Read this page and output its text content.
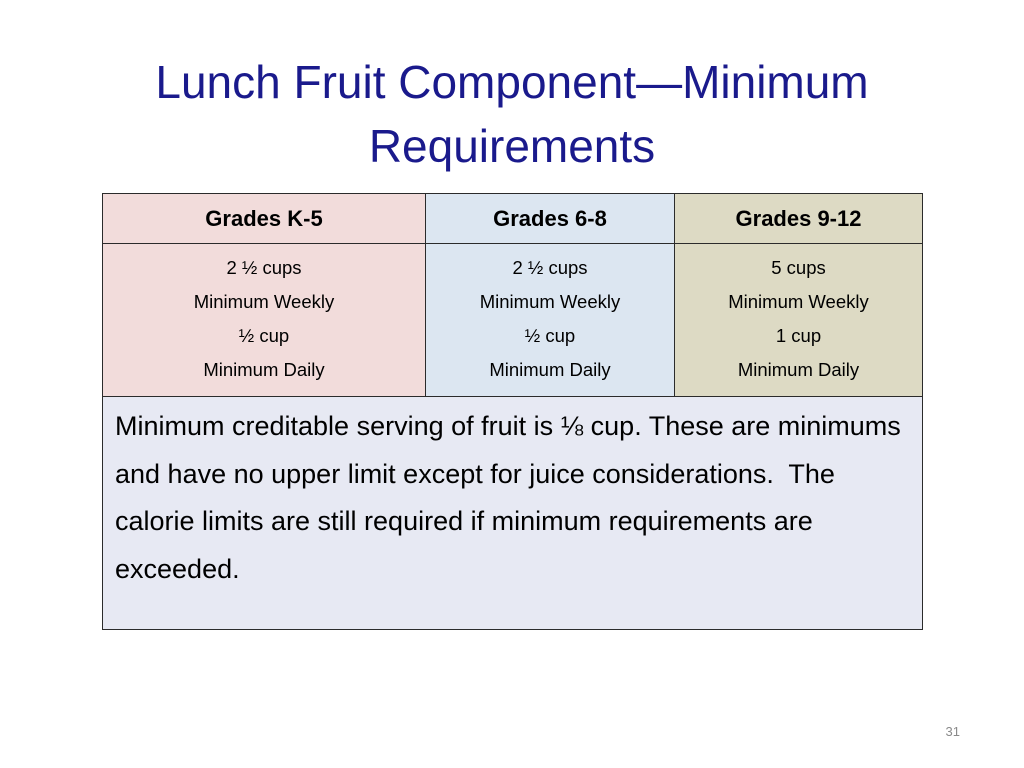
Lunch Fruit Component—Minimum Requirements
Grades K-5	Grades 6-8	Grades 9-12

2 ½ cups
Minimum Weekly
½ cup
Minimum Daily	2 ½ cups
Minimum Weekly
½ cup
Minimum Daily	5 cups
Minimum Weekly
1 cup
Minimum Daily

Minimum creditable serving of fruit is ⅛ cup. These are minimums and have no upper limit except for juice considerations.  The calorie limits are still required if minimum requirements are exceeded.		
31
